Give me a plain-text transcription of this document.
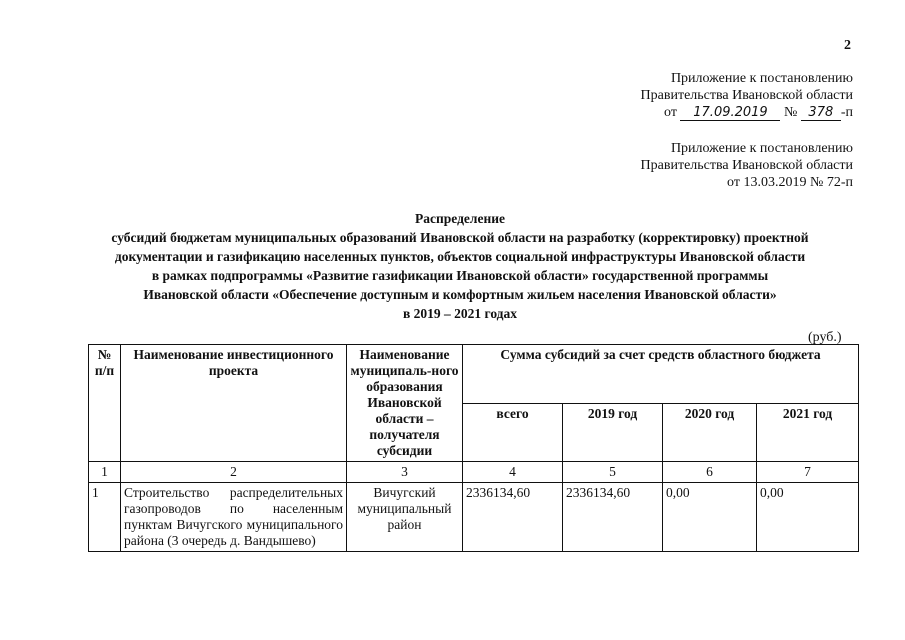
2
Приложение к постановлению
Правительства Ивановской области
от 17.09.2019 № 378 -п
Приложение к постановлению
Правительства Ивановской области
от 13.03.2019 № 72-п
Распределение
субсидий бюджетам муниципальных образований Ивановской области на разработку (корректировку) проектной
документации и газификацию населенных пунктов, объектов социальной инфраструктуры Ивановской области
в рамках подпрограммы «Развитие газификации Ивановской области» государственной программы
Ивановской области «Обеспечение доступным и комфортным жильем населения Ивановской области»
в 2019 – 2021 годах
(руб.)
№ п/п	Наименование инвестиционного проекта	Наименование муниципаль-ного образования Ивановской области – получателя субсидии	Сумма субсидий за счет средств областного бюджета			
			всего	2019 год	2020 год	2021 год
1	2	3	4	5	6	7
1	Строительство распределительных газопроводов по населенным пунктам Вичугского муниципального района (3 очередь д. Вандышево)	Вичугский муниципальный район	2336134,60	2336134,60	0,00	0,00
